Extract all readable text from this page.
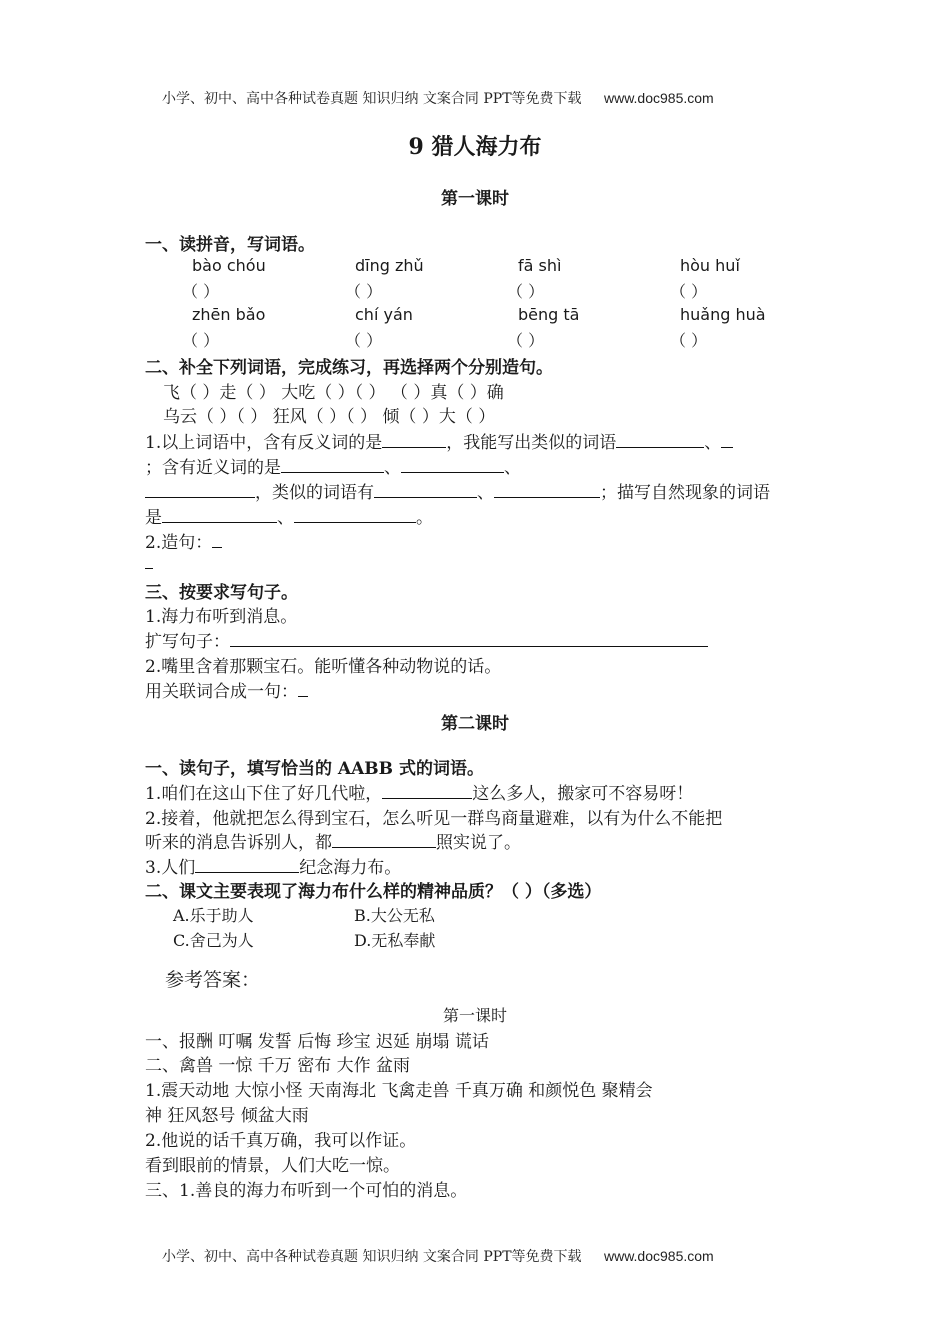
小学、初中、高中各种试卷真题 知识归纳 文案合同 PPT等免费下载 www.doc985.com
9 猎人海力布
第一课时
一、读拼音，写词语。
bào chóu	dīng zhǔ	fā shì	hòu huǐ
（ ）	（ ）	（ ）	（ ）
zhēn bǎo	chí yán	bēng tā	huǎng huà
（ ）	（ ）	（ ）	（ ）
二、补全下列词语，完成练习，再选择两个分别造句。
飞（ ）走（ ） 大吃（ ）（ ） （ ）真（ ）确
乌云（ ）（ ） 狂风（ ）（ ） 倾（ ）大（ ）
1.以上词语中，含有反义词的是	，我能写出类似的词语	、
；含有近义词的是	、	、
，类似的词语有	、	；描写自然现象的词语
是	、	。
2.造句：
三、按要求写句子。
1.海力布听到消息。
扩写句子：
2.嘴里含着那颗宝石。能听懂各种动物说的话。
用关联词合成一句：
第二课时
一、读句子，填写恰当的 AABB 式的词语。
1.咱们在这山下住了好几代啦，	这么多人，搬家可不容易呀！
2.接着，他就把怎么得到宝石，怎么听见一群鸟商量避难，以有为什么不能把
听来的消息告诉别人，都	照实说了。
3.人们	纪念海力布。
二、课文主要表现了海力布什么样的精神品质？（ ）（多选）
A.乐于助人	B.大公无私
C.舍己为人	D.无私奉献
参考答案：
第一课时
一、报酬 叮嘱 发誓 后悔 珍宝 迟延 崩塌 谎话
二、禽兽 一惊 千万 密布 大作 盆雨
1.震天动地 大惊小怪 天南海北 飞禽走兽 千真万确 和颜悦色 聚精会
神 狂风怒号 倾盆大雨
2.他说的话千真万确，我可以作证。
看到眼前的情景，人们大吃一惊。
三、1.善良的海力布听到一个可怕的消息。
小学、初中、高中各种试卷真题 知识归纳 文案合同 PPT等免费下载 www.doc985.com
